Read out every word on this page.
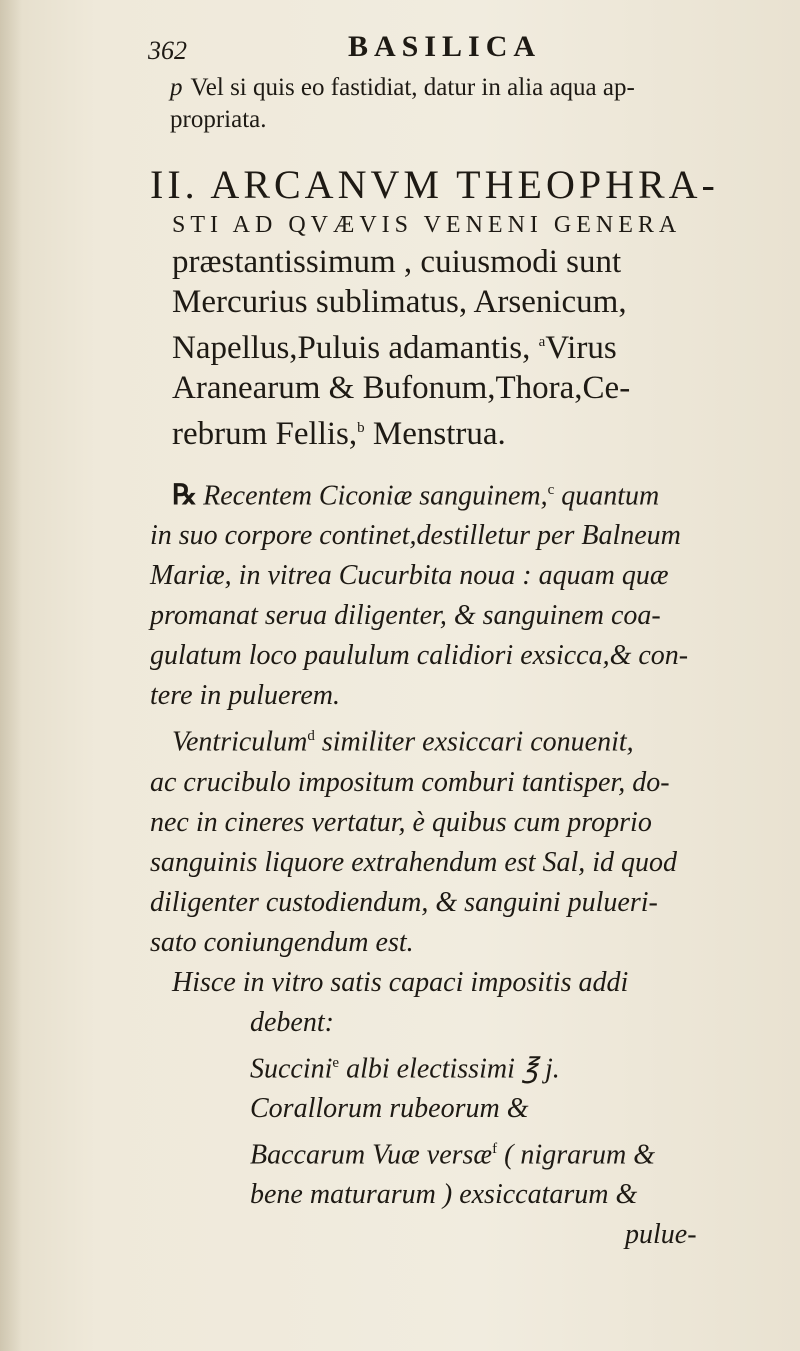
362	BASILICA
p Vel si quis eo fastidiat, datur in alia aqua ap-
propriata.
II. ARCANVM THEOPHRA-
STI AD QVÆVIS VENENI GENERA
præstantissimum , cuiusmodi sunt
Mercurius sublimatus, Arsenicum,
Napellus,Puluis adamantis, $^a$Virus
Aranearum & Bufonum,Thora,Ce-
rebrum Fellis,$^b$ Menstrua.
℞ Recentem Ciconiæ sanguinem,$^c$ quantum
in suo corpore continet,destilletur per Balneum
Mariæ, in vitrea Cucurbita noua : aquam quæ
promanat serua diligenter, & sanguinem coa-
gulatum loco paululum calidiori exsicca,& con-
tere in puluerem.
Ventriculum$^d$ similiter exsiccari conuenit,
ac crucibulo impositum comburi tantisper, do-
nec in cineres vertatur, è quibus cum proprio
sanguinis liquore extrahendum est Sal, id quod
diligenter custodiendum, & sanguini pulueri-
sato coniungendum est.
Hisce in vitro satis capaci impositis addi
debent:
Succini$^e$ albi electissimi ℥ j.
Corallorum rubeorum &
Baccarum Vuæ versæ$^f$ ( nigrarum &
bene maturarum ) exsiccatarum &
pulue-
